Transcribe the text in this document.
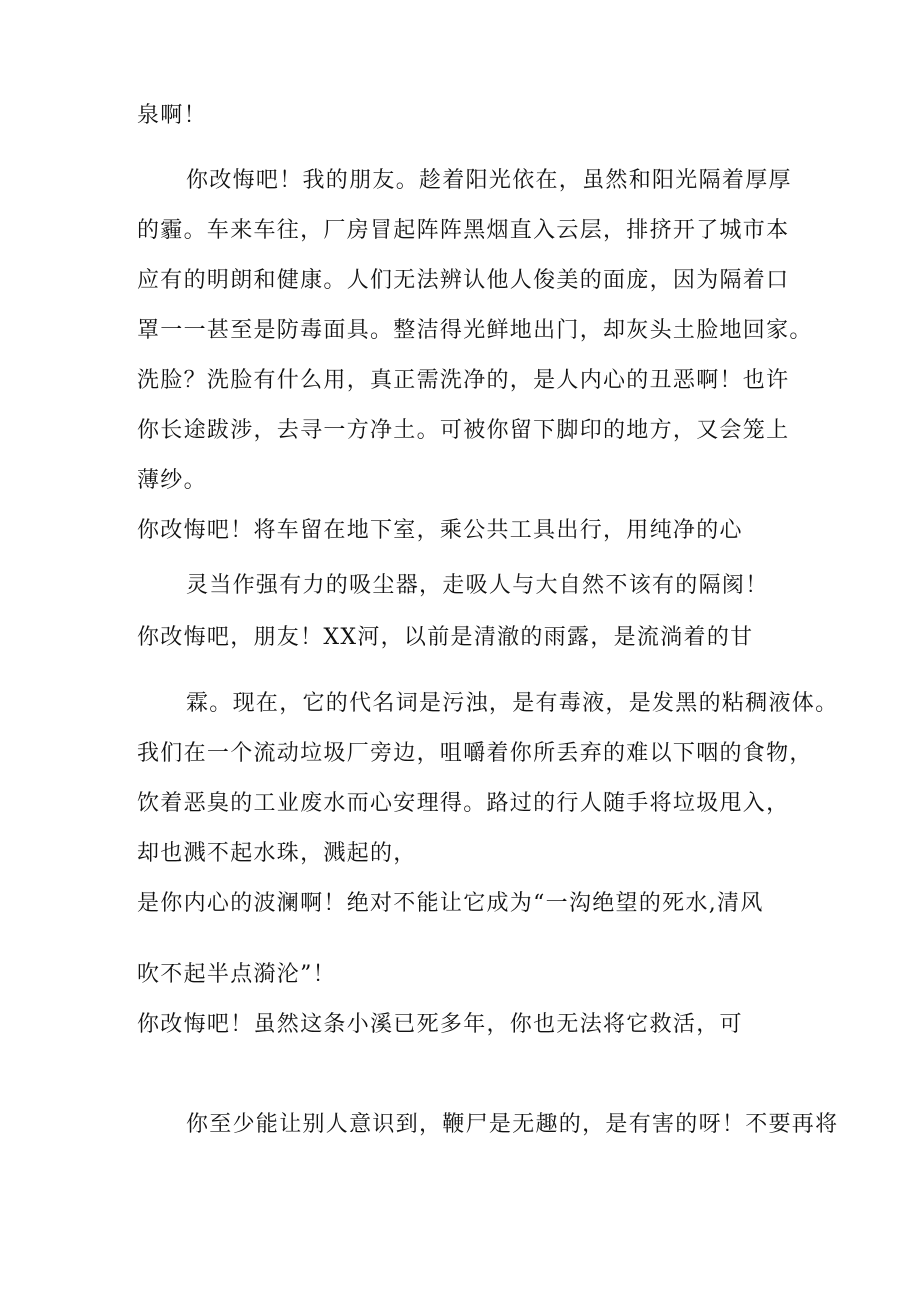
泉啊！
你改悔吧！我的朋友。趁着阳光依在，虽然和阳光隔着厚厚
的霾。车来车往，厂房冒起阵阵黑烟直入云层，排挤开了城市本
应有的明朗和健康。人们无法辨认他人俊美的面庞，因为隔着口
罩一一甚至是防毒面具。整洁得光鲜地出门，却灰头土脸地回家。
洗脸？洗脸有什么用，真正需洗净的，是人内心的丑恶啊！也许
你长途跋涉，去寻一方净土。可被你留下脚印的地方，又会笼上
薄纱。
你改悔吧！将车留在地下室，乘公共工具出行，用纯净的心
灵当作强有力的吸尘器，走吸人与大自然不该有的隔阂！
你改悔吧，朋友！XX河，以前是清澈的雨露，是流淌着的甘
霖。现在，它的代名词是污浊，是有毒液，是发黑的粘稠液体。
我们在一个流动垃圾厂旁边，咀嚼着你所丢弃的难以下咽的食物，
饮着恶臭的工业废水而心安理得。路过的行人随手将垃圾甩入，
却也溅不起水珠，溅起的，
是你内心的波澜啊！绝对不能让它成为“一沟绝望的死水,清风
吹不起半点漪沦”！
你改悔吧！虽然这条小溪已死多年，你也无法将它救活，可
你至少能让别人意识到，鞭尸是无趣的，是有害的呀！不要再将
